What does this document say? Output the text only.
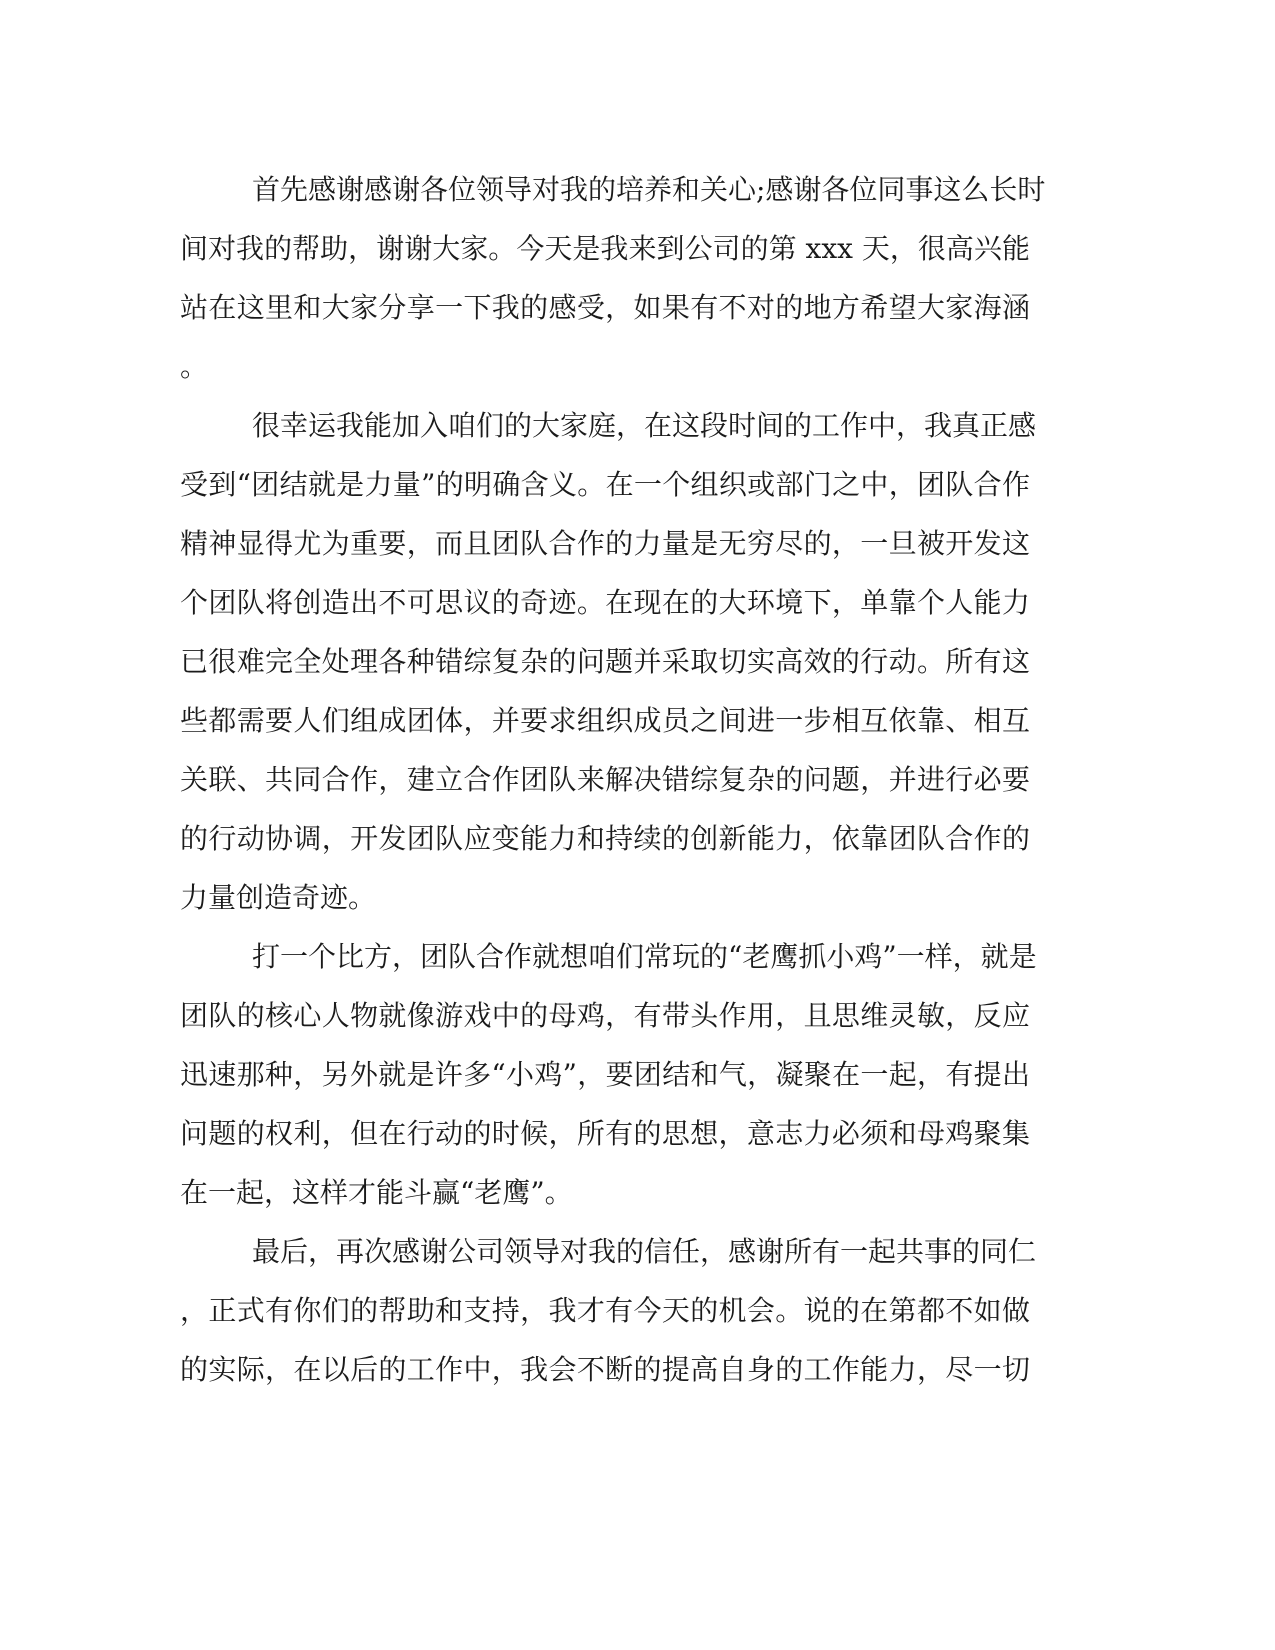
首先感谢感谢各位领导对我的培养和关心;感谢各位同事这么长时
间对我的帮助，谢谢大家。今天是我来到公司的第 xxx 天，很高兴能
站在这里和大家分享一下我的感受，如果有不对的地方希望大家海涵
。
很幸运我能加入咱们的大家庭，在这段时间的工作中，我真正感
受到“团结就是力量”的明确含义。在一个组织或部门之中，团队合作
精神显得尤为重要，而且团队合作的力量是无穷尽的，一旦被开发这
个团队将创造出不可思议的奇迹。在现在的大环境下，单靠个人能力
已很难完全处理各种错综复杂的问题并采取切实高效的行动。所有这
些都需要人们组成团体，并要求组织成员之间进一步相互依靠、相互
关联、共同合作，建立合作团队来解决错综复杂的问题，并进行必要
的行动协调，开发团队应变能力和持续的创新能力，依靠团队合作的
力量创造奇迹。
打一个比方，团队合作就想咱们常玩的“老鹰抓小鸡”一样，就是
团队的核心人物就像游戏中的母鸡，有带头作用，且思维灵敏，反应
迅速那种，另外就是许多“小鸡”，要团结和气，凝聚在一起，有提出
问题的权利，但在行动的时候，所有的思想，意志力必须和母鸡聚集
在一起，这样才能斗赢“老鹰”。
最后，再次感谢公司领导对我的信任，感谢所有一起共事的同仁
，正式有你们的帮助和支持，我才有今天的机会。说的在第都不如做
的实际，在以后的工作中，我会不断的提高自身的工作能力，尽一切
